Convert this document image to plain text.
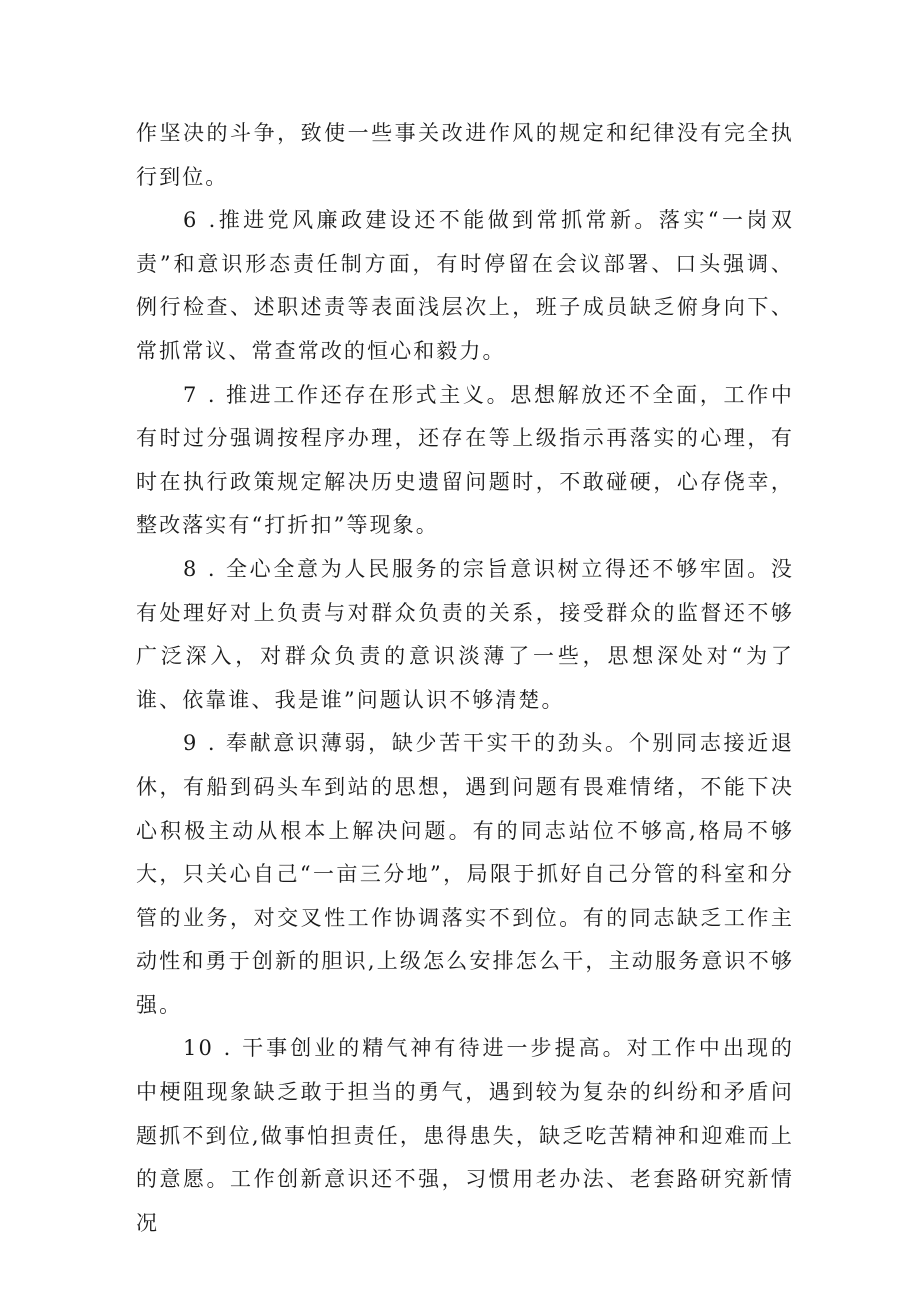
作坚决的斗争，致使一些事关改进作风的规定和纪律没有完全执行到位。

6 .推进党风廉政建设还不能做到常抓常新。落实“一岗双责”和意识形态责任制方面，有时停留在会议部署、口头强调、例行检查、述职述责等表面浅层次上，班子成员缺乏俯身向下、常抓常议、常查常改的恒心和毅力。

7 . 推进工作还存在形式主义。思想解放还不全面，工作中有时过分强调按程序办理，还存在等上级指示再落实的心理，有时在执行政策规定解决历史遗留问题时，不敢碰硬，心存侥幸，整改落实有“打折扣”等现象。

8 . 全心全意为人民服务的宗旨意识树立得还不够牢固。没有处理好对上负责与对群众负责的关系，接受群众的监督还不够广泛深入，对群众负责的意识淡薄了一些，思想深处对“为了谁、依靠谁、我是谁”问题认识不够清楚。

9 . 奉献意识薄弱，缺少苦干实干的劲头。个别同志接近退休，有船到码头车到站的思想，遇到问题有畏难情绪，不能下决心积极主动从根本上解决问题。有的同志站位不够高,格局不够大，只关心自己“一亩三分地”，局限于抓好自己分管的科室和分管的业务，对交叉性工作协调落实不到位。有的同志缺乏工作主动性和勇于创新的胆识,上级怎么安排怎么干，主动服务意识不够强。

10 . 干事创业的精气神有待进一步提高。对工作中出现的中梗阻现象缺乏敢于担当的勇气，遇到较为复杂的纠纷和矛盾问题抓不到位,做事怕担责任，患得患失，缺乏吃苦精神和迎难而上的意愿。工作创新意识还不强，习惯用老办法、老套路研究新情况
